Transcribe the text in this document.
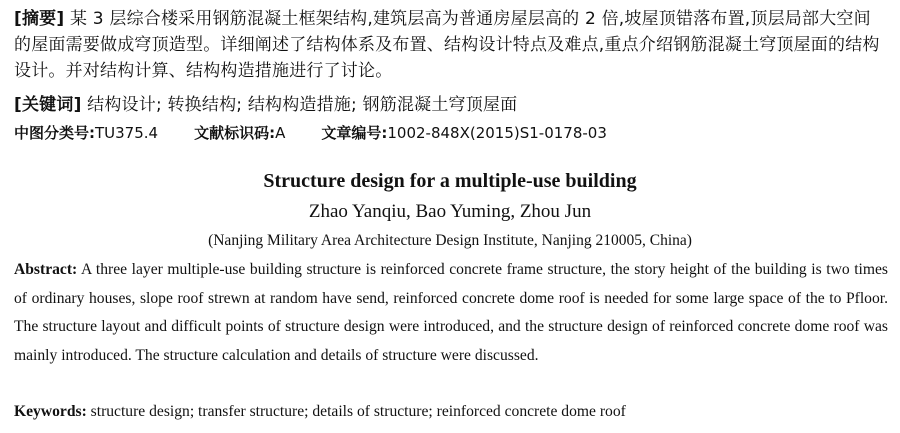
[摘要] 某 3 层综合楼采用钢筋混凝土框架结构,建筑层高为普通房屋层高的 2 倍,坡屋顶错落布置,顶层局部大空间的屋面需要做成穹顶造型。详细阐述了结构体系及布置、结构设计特点及难点,重点介绍钢筋混凝土穹顶屋面的结构设计。并对结构计算、结构构造措施进行了讨论。
[关键词] 结构设计; 转换结构; 结构构造措施; 钢筋混凝土穹顶屋面
中图分类号:TU375.4 文献标识码:A 文章编号:1002-848X(2015)S1-0178-03
Structure design for a multiple-use building
Zhao Yanqiu, Bao Yuming, Zhou Jun
(Nanjing Military Area Architecture Design Institute, Nanjing 210005, China)
Abstract: A three layer multiple-use building structure is reinforced concrete frame structure, the story height of the building is two times of ordinary houses, slope roof strewn at random have send, reinforced concrete dome roof is needed for some large space of the to Pfloor. The structure layout and difficult points of structure design were introduced, and the structure design of reinforced concrete dome roof was mainly introduced. The structure calculation and details of structure were discussed.
Keywords: structure design; transfer structure; details of structure; reinforced concrete dome roof
